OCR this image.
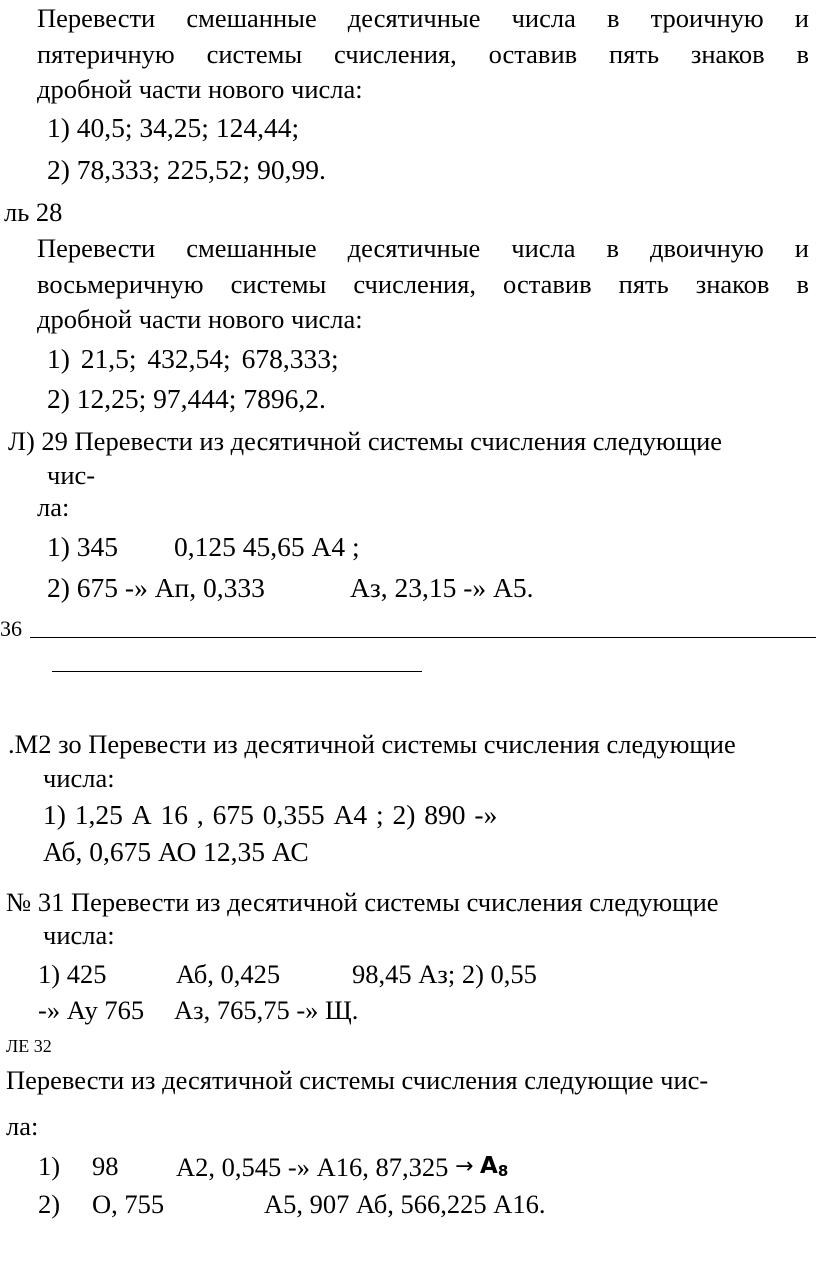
Перевести смешанные десятичные числа в троичную и
пятеричную системы счисления, оставив пять знаков в
дробной части нового числа:
1) 40,5; 34,25; 124,44;
2) 78,333; 225,52; 90,99.
ль 28
Перевести смешанные десятичные числа в двоичную и
восьмеричную системы счисления, оставив пять знаков в
дробной части нового числа:
1) 21,5; 432,54; 678,333;
2) 12,25; 97,444; 7896,2.
Л) 29 Перевести из десятичной системы счисления следующие
чис-
ла:
1) 345 0,125 45,65 А4 ;
2) 675 -» Ап, 0,333	Аз, 23,15 -» А5.
36
.М2 зо Перевести из десятичной системы счисления следующие
числа:
1) 1,25 А 16 , 675 0,355 А4 ; 2) 890 -»
Аб, 0,675 АО 12,35 АС
№ 31 Перевести из десятичной системы счисления следующие
числа:
1) 425	Аб, 0,425	98,45 Аз; 2) 0,55
-» Ау 765 Аз, 765,75 -» Щ.
ЛЕ 32
Перевести из десятичной системы счисления следующие чис-
ла:
1) 98 А2, 0,545 -» А16, $87,325 \to А_8$
2) О, 755	А5, 907 Аб, 566,225 А16.
